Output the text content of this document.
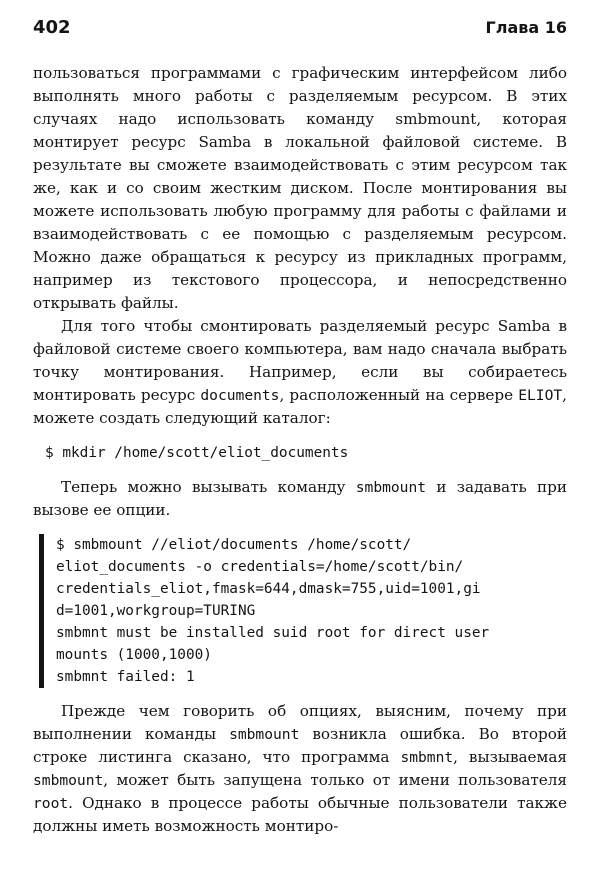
402	Глава 16

пользоваться программами с графическим интерфейсом либо выполнять много работы с разделяемым ресурсом. В этих случаях надо использовать команду smbmount, которая монтирует ресурс Samba в локальной файловой системе. В результате вы сможете взаимодействовать с этим ресурсом так же, как и со своим жестким диском. После монтирования вы можете использовать любую программу для работы с файлами и взаимодействовать с ее помощью с разделяемым ресурсом. Можно даже обращаться к ресурсу из прикладных программ, например из текстового процессора, и непосредственно открывать файлы.

Для того чтобы смонтировать разделяемый ресурс Samba в файловой системе своего компьютера, вам надо сначала выбрать точку монтирования. Например, если вы собираетесь монтировать ресурс documents, расположенный на сервере ELIOT, можете создать следующий каталог:

$ mkdir /home/scott/eliot_documents

Теперь можно вызывать команду smbmount и задавать при вызове ее опции.

$ smbmount //eliot/documents /home/scott/
eliot_documents -o credentials=/home/scott/bin/
credentials_eliot,fmask=644,dmask=755,uid=1001,gi
d=1001,workgroup=TURING
smbmnt must be installed suid root for direct user
mounts (1000,1000)
smbmnt failed: 1

Прежде чем говорить об опциях, выясним, почему при выполнении команды smbmount возникла ошибка. Во второй строке листинга сказано, что программа smbmnt, вызываемая smbmount, может быть запущена только от имени пользователя root. Однако в процессе работы обычные пользователи также должны иметь возможность монтиро-
